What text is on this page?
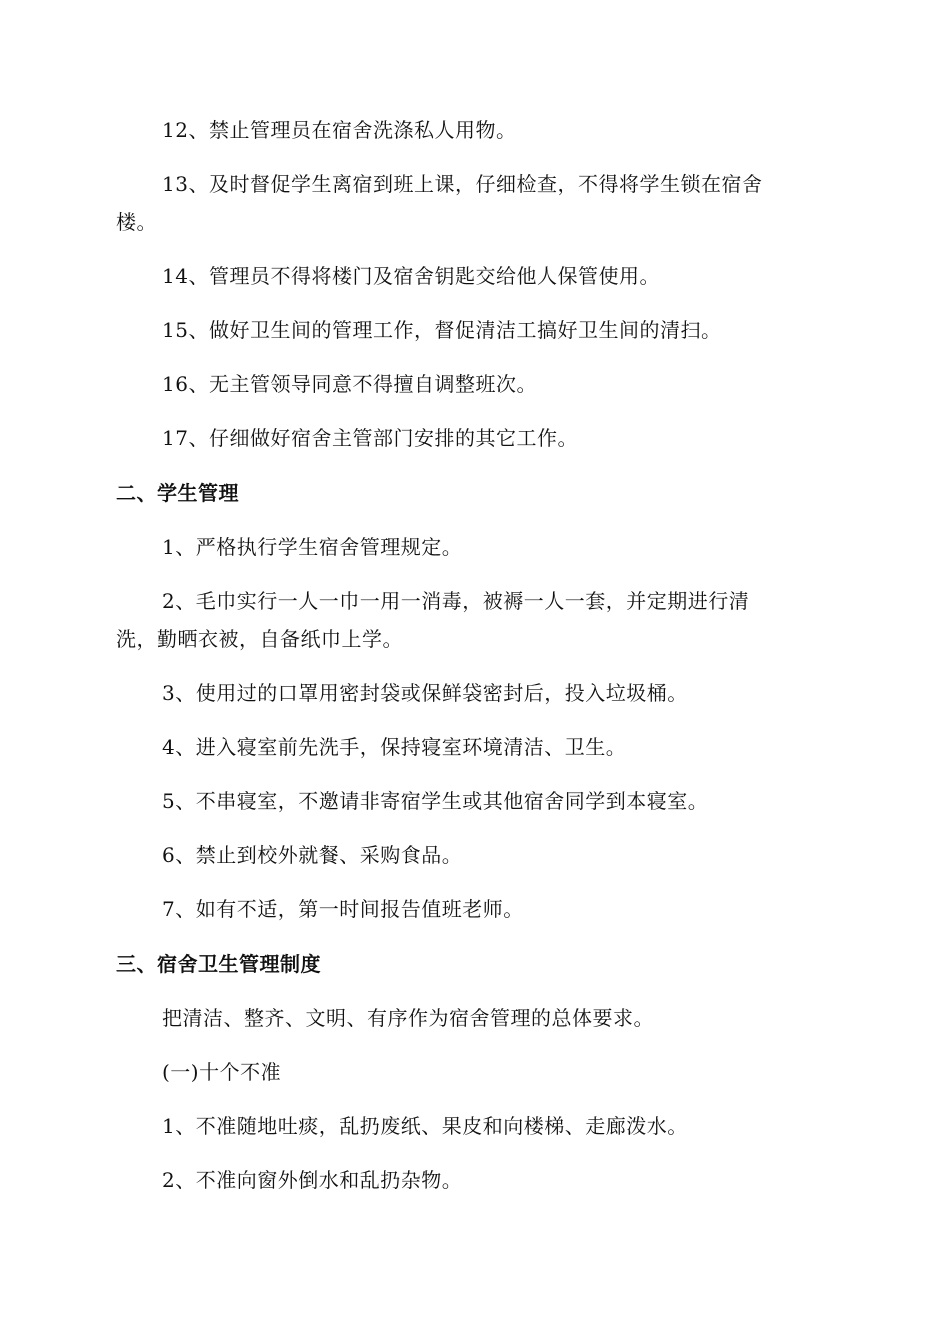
12、禁止管理员在宿舍洗涤私人用物。
13、及时督促学生离宿到班上课，仔细检查，不得将学生锁在宿舍
楼。
14、管理员不得将楼门及宿舍钥匙交给他人保管使用。
15、做好卫生间的管理工作，督促清洁工搞好卫生间的清扫。
16、无主管领导同意不得擅自调整班次。
17、仔细做好宿舍主管部门安排的其它工作。
二、学生管理
1、严格执行学生宿舍管理规定。
2、毛巾实行一人一巾一用一消毒，被褥一人一套，并定期进行清
洗，勤晒衣被，自备纸巾上学。
3、使用过的口罩用密封袋或保鲜袋密封后，投入垃圾桶。
4、进入寝室前先洗手，保持寝室环境清洁、卫生。
5、不串寝室，不邀请非寄宿学生或其他宿舍同学到本寝室。
6、禁止到校外就餐、采购食品。
7、如有不适，第一时间报告值班老师。
三、宿舍卫生管理制度
把清洁、整齐、文明、有序作为宿舍管理的总体要求。
(一)十个不准
1、不准随地吐痰，乱扔废纸、果皮和向楼梯、走廊泼水。
2、不准向窗外倒水和乱扔杂物。
